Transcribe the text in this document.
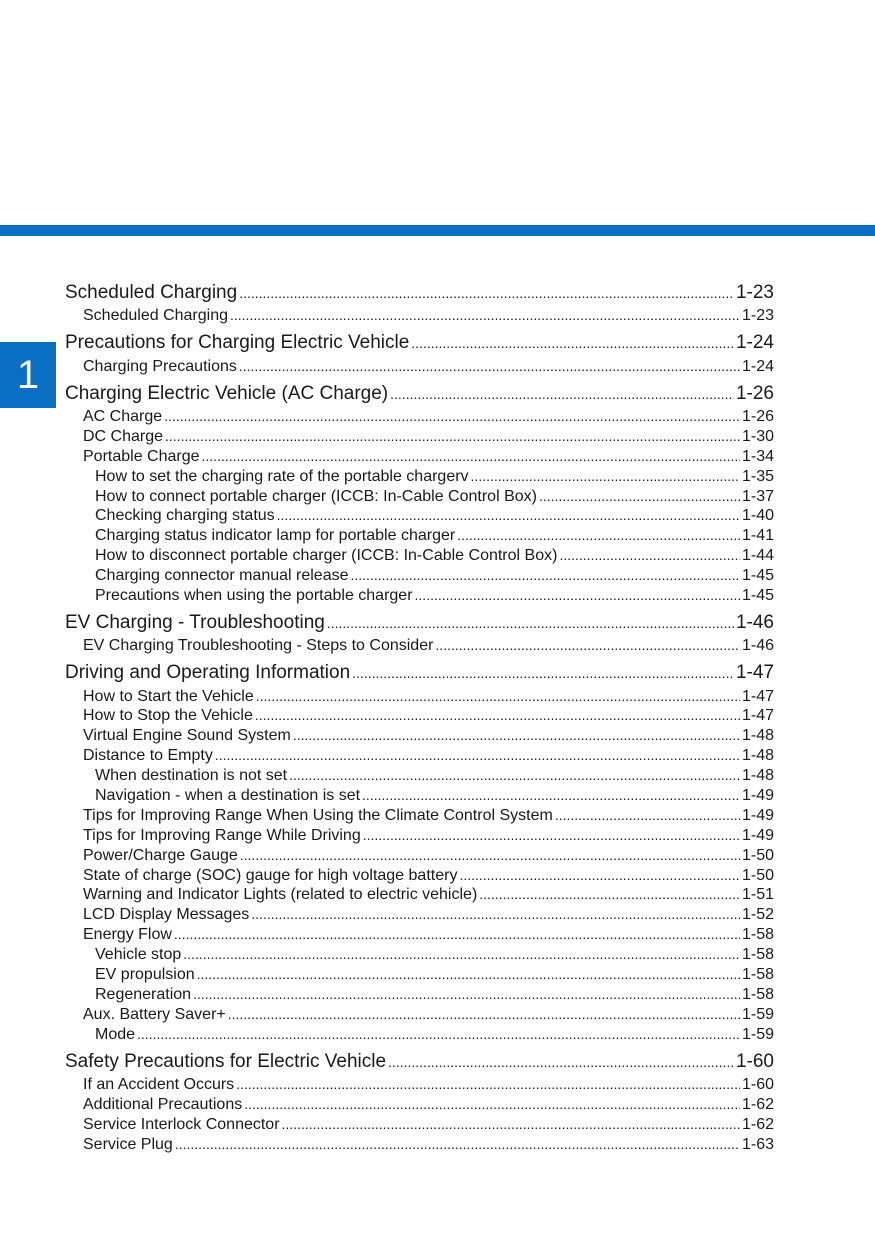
1
Scheduled Charging .....	1-23
Scheduled Charging .....	1-23
Precautions for Charging Electric Vehicle .....	1-24
Charging Precautions .....	1-24
Charging Electric Vehicle (AC Charge) .....	1-26
AC Charge .....	1-26
DC Charge .....	1-30
Portable Charge .....	1-34
How to set the charging rate of the portable chargerv .....	1-35
How to connect portable charger (ICCB: In-Cable Control Box) .....	1-37
Checking charging status .....	1-40
Charging status indicator lamp for portable charger .....	1-41
How to disconnect portable charger (ICCB: In-Cable Control Box) .....	1-44
Charging connector manual release .....	1-45
Precautions when using the portable charger .....	1-45
EV Charging - Troubleshooting .....	1-46
EV Charging Troubleshooting - Steps to Consider .....	1-46
Driving and Operating Information .....	1-47
How to Start the Vehicle .....	1-47
How to Stop the Vehicle .....	1-47
Virtual Engine Sound System .....	1-48
Distance to Empty .....	1-48
When destination is not set .....	1-48
Navigation - when a destination is set .....	1-49
Tips for Improving Range When Using the Climate Control System .....	1-49
Tips for Improving Range While Driving .....	1-49
Power/Charge Gauge .....	1-50
State of charge (SOC) gauge for high voltage battery .....	1-50
Warning and Indicator Lights (related to electric vehicle) .....	1-51
LCD Display Messages .....	1-52
Energy Flow .....	1-58
Vehicle stop .....	1-58
EV propulsion .....	1-58
Regeneration .....	1-58
Aux. Battery Saver+ .....	1-59
Mode .....	1-59
Safety Precautions for Electric Vehicle .....	1-60
If an Accident Occurs .....	1-60
Additional Precautions .....	1-62
Service Interlock Connector .....	1-62
Service Plug .....	1-63
